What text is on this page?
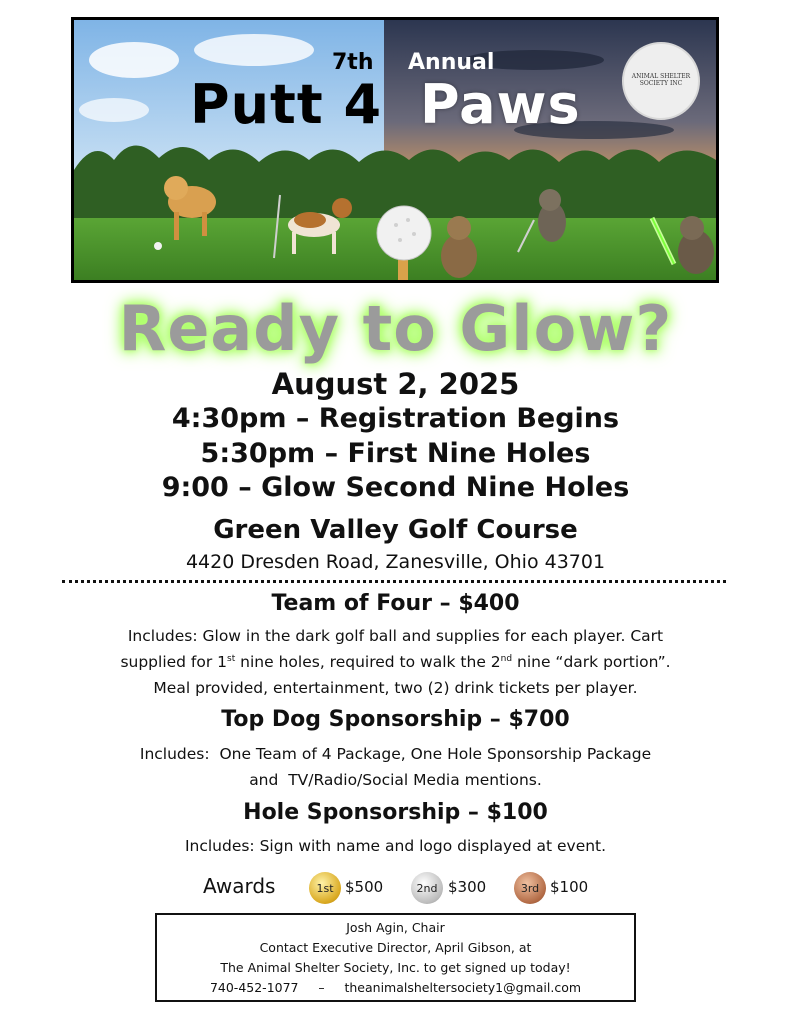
7th Annual
Putt 4 Paws	ANIMAL SHELTER SOCIETY INC
Ready to Glow?
August 2, 2025
4:30pm – Registration Begins
5:30pm – First Nine Holes
9:00 – Glow Second Nine Holes
Green Valley Golf Course
4420 Dresden Road, Zanesville, Ohio 43701
Team of Four – $400
Includes: Glow in the dark golf ball and supplies for each player. Cart
supplied for 1st nine holes, required to walk the 2nd nine “dark portion”.
Meal provided, entertainment, two (2) drink tickets per player.
Top Dog Sponsorship – $700
Includes:  One Team of 4 Package, One Hole Sponsorship Package
and  TV/Radio/Social Media mentions.
Hole Sponsorship – $100
Includes: Sign with name and logo displayed at event.
Awards	1st $500	2nd $300	3rd $100
Josh Agin, Chair
Contact Executive Director, April Gibson, at
The Animal Shelter Society, Inc. to get signed up today!
740-452-1077 – theanimalshelter​society1@gmail.com
